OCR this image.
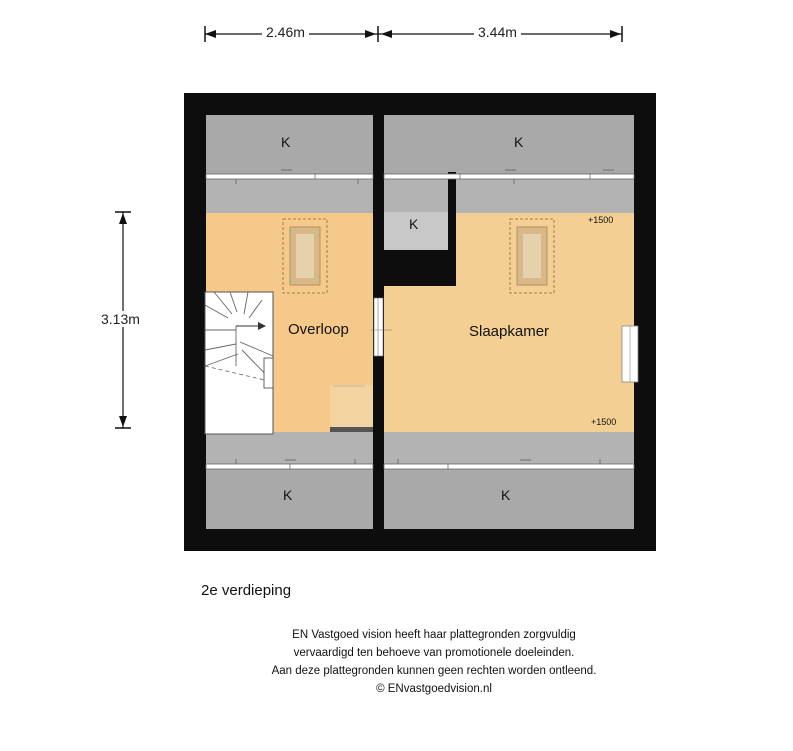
2.46m	3.44m
3.13m
K	K
K
K	K
Overloop	Slaapkamer
+1500
+1500
2e verdieping
EN Vastgoed vision heeft haar plattegronden zorgvuldig
vervaardigd ten behoeve van promotionele doeleinden.
Aan deze plattegronden kunnen geen rechten worden ontleend.
© ENvastgoedvision.nl
